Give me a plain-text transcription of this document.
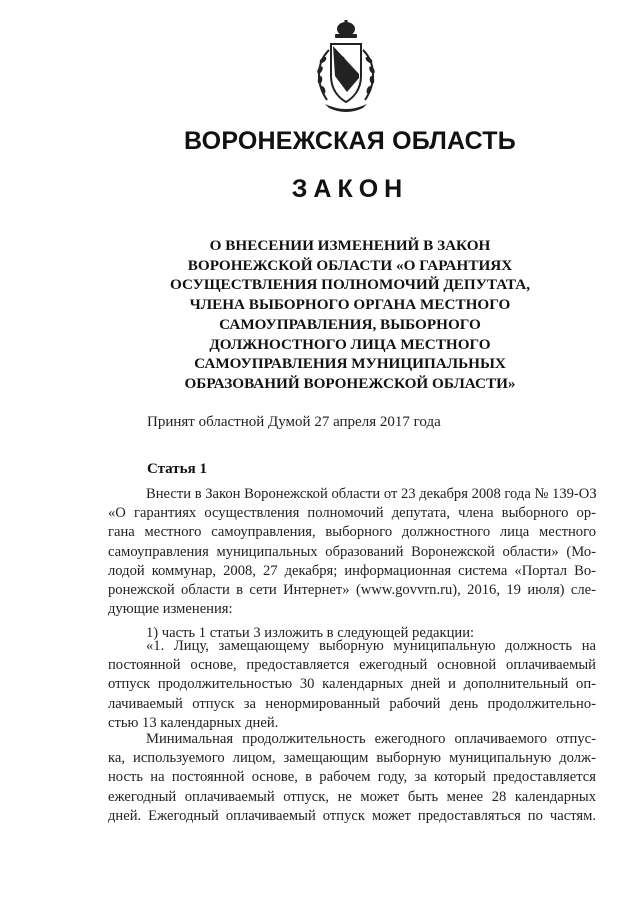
ВОРОНЕЖСКАЯ ОБЛАСТЬ
ЗАКОН
О ВНЕСЕНИИ ИЗМЕНЕНИЙ В ЗАКОН
ВОРОНЕЖСКОЙ ОБЛАСТИ «О ГАРАНТИЯХ
ОСУЩЕСТВЛЕНИЯ ПОЛНОМОЧИЙ ДЕПУТАТА,
ЧЛЕНА ВЫБОРНОГО ОРГАНА МЕСТНОГО
САМОУПРАВЛЕНИЯ, ВЫБОРНОГО
ДОЛЖНОСТНОГО ЛИЦА МЕСТНОГО
САМОУПРАВЛЕНИЯ МУНИЦИПАЛЬНЫХ
ОБРАЗОВАНИЙ ВОРОНЕЖСКОЙ ОБЛАСТИ»
Принят областной Думой 27 апреля 2017 года
Статья 1
Внести в Закон Воронежской области от 23 декабря 2008 года № 139-ОЗ
«О гарантиях осуществления полномочий депутата, члена выборного ор-
гана местного самоуправления, выборного должностного лица местного
самоуправления муниципальных образований Воронежской области» (Мо-
лодой коммунар, 2008, 27 декабря; информационная система «Портал Во-
ронежской области в сети Интернет» (www.govvrn.ru), 2016, 19 июля) сле-
дующие изменения:
1) часть 1 статьи 3 изложить в следующей редакции:
«1. Лицу, замещающему выборную муниципальную должность на
постоянной основе, предоставляется ежегодный основной оплачиваемый
отпуск продолжительностью 30 календарных дней и дополнительный оп-
лачиваемый отпуск за ненормированный рабочий день продолжительно-
стью 13 календарных дней.
Минимальная продолжительность ежегодного оплачиваемого отпус-
ка, используемого лицом, замещающим выборную муниципальную долж-
ность на постоянной основе, в рабочем году, за который предоставляется
ежегодный оплачиваемый отпуск, не может быть менее 28 календарных
дней. Ежегодный оплачиваемый отпуск может предоставляться по частям.
